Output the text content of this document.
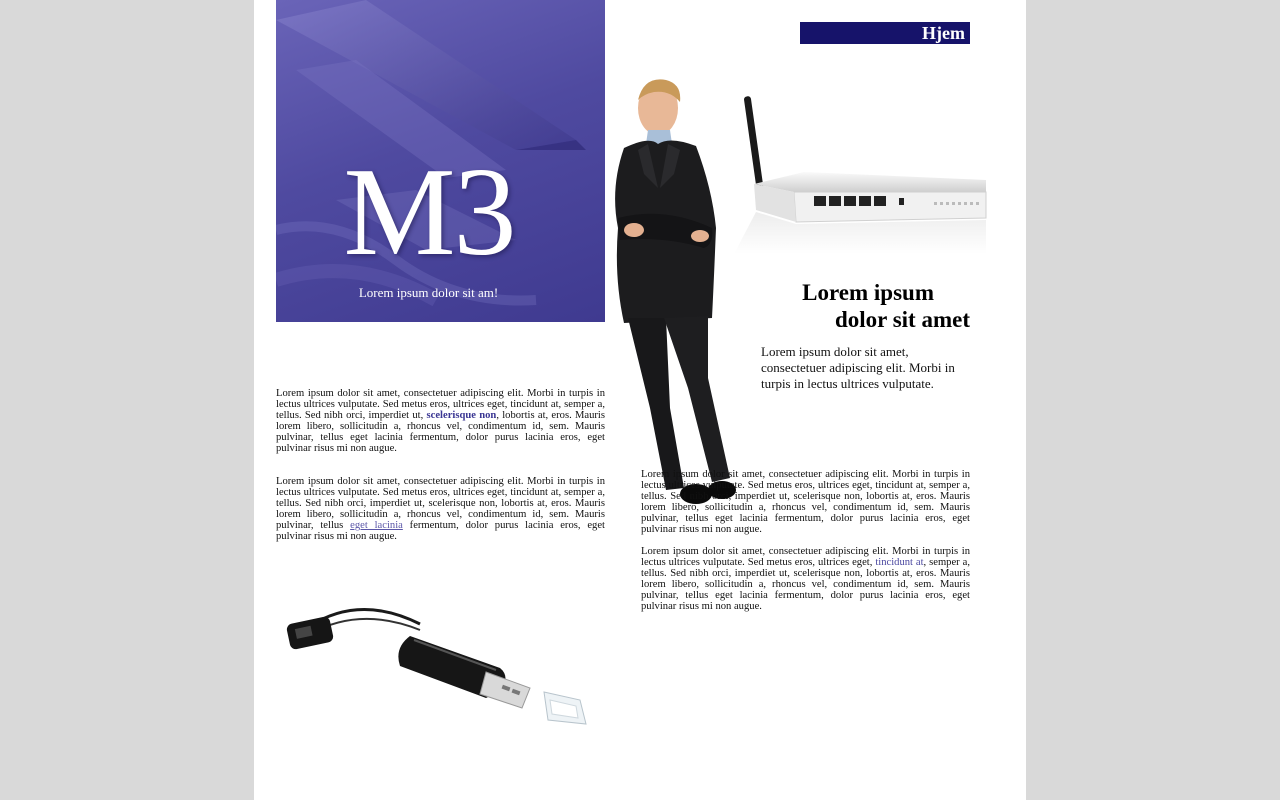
M3
Lorem ipsum dolor sit am!
Hjem
Lorem ipsum
dolor sit amet
Lorem ipsum dolor sit amet, consectetuer adipiscing elit. Morbi in turpis in lectus ultrices vulputate.

Lorem ipsum dolor sit amet, consectetuer adipiscing elit. Morbi in turpis in lectus ultrices vulputate. Sed metus eros, ultrices eget, tincidunt at, semper a, tellus. Sed nibh orci, imperdiet ut, scelerisque non, lobortis at, eros. Mauris lorem libero, sollicitudin a, rhoncus vel, condimentum id, sem. Mauris pulvinar, tellus eget lacinia fermentum, dolor purus lacinia eros, eget pulvinar risus mi non augue.

Lorem ipsum dolor sit amet, consectetuer adipiscing elit. Morbi in turpis in lectus ultrices vulputate. Sed metus eros, ultrices eget, tincidunt at, semper a, tellus. Sed nibh orci, imperdiet ut, scelerisque non, lobortis at, eros. Mauris lorem libero, sollicitudin a, rhoncus vel, condimentum id, sem. Mauris pulvinar, tellus eget lacinia fermentum, dolor purus lacinia eros, eget pulvinar risus mi non augue.

Lorem ipsum dolor sit amet, consectetuer adipiscing elit. Morbi in turpis in lectus ultrices vulputate. Sed metus eros, ultrices eget, tincidunt at, semper a, tellus. Sed nibh orci, imperdiet ut, scelerisque non, lobortis at, eros. Mauris lorem libero, sollicitudin a, rhoncus vel, condimentum id, sem. Mauris pulvinar, tellus eget lacinia fermentum, dolor purus lacinia eros, eget pulvinar risus mi non augue.

Lorem ipsum dolor sit amet, consectetuer adipiscing elit. Morbi in turpis in lectus ultrices vulputate. Sed metus eros, ultrices eget, tincidunt at, semper a, tellus. Sed nibh orci, imperdiet ut, scelerisque non, lobortis at, eros. Mauris lorem libero, sollicitudin a, rhoncus vel, condimentum id, sem. Mauris pulvinar, tellus eget lacinia fermentum, dolor purus lacinia eros, eget pulvinar risus mi non augue.
